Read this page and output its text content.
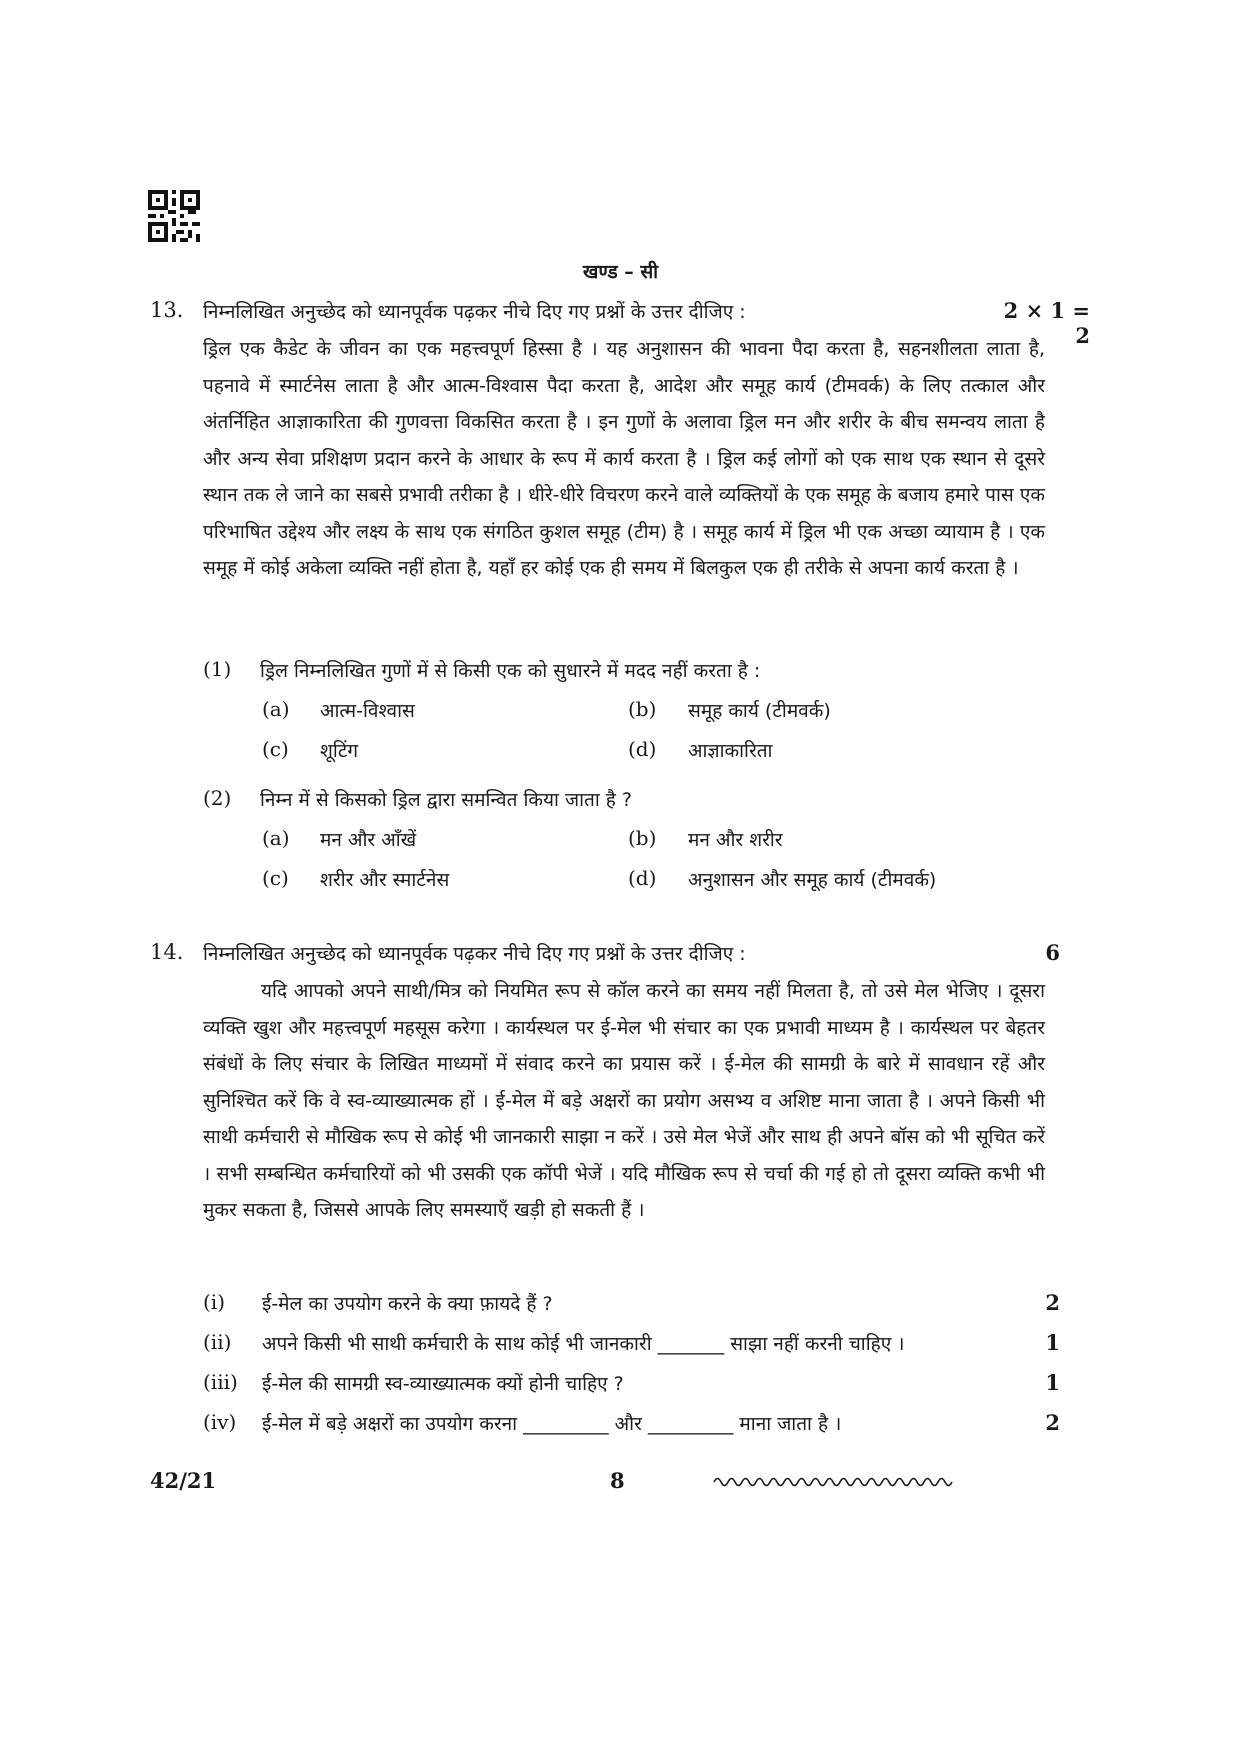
खण्ड – सी
13. निम्नलिखित अनुच्छेद को ध्यानपूर्वक पढ़कर नीचे दिए गए प्रश्नों के उत्तर दीजिए :	2 × 1 = 2
ड्रिल एक कैडेट के जीवन का एक महत्त्वपूर्ण हिस्सा है । यह अनुशासन की भावना पैदा करता है, सहनशीलता लाता है, पहनावे में स्मार्टनेस लाता है और आत्म-विश्वास पैदा करता है, आदेश और समूह कार्य (टीमवर्क) के लिए तत्काल और अंतर्निहित आज्ञाकारिता की गुणवत्ता विकसित करता है । इन गुणों के अलावा ड्रिल मन और शरीर के बीच समन्वय लाता है और अन्य सेवा प्रशिक्षण प्रदान करने के आधार के रूप में कार्य करता है । ड्रिल कई लोगों को एक साथ एक स्थान से दूसरे स्थान तक ले जाने का सबसे प्रभावी तरीका है । धीरे-धीरे विचरण करने वाले व्यक्तियों के एक समूह के बजाय हमारे पास एक परिभाषित उद्देश्य और लक्ष्य के साथ एक संगठित कुशल समूह (टीम) है । समूह कार्य में ड्रिल भी एक अच्छा व्यायाम है । एक समूह में कोई अकेला व्यक्ति नहीं होता है, यहाँ हर कोई एक ही समय में बिलकुल एक ही तरीके से अपना कार्य करता है ।
(1) ड्रिल निम्नलिखित गुणों में से किसी एक को सुधारने में मदद नहीं करता है :
(a) आत्म-विश्वास	(b) समूह कार्य (टीमवर्क)
(c) शूटिंग	(d) आज्ञाकारिता
(2) निम्न में से किसको ड्रिल द्वारा समन्वित किया जाता है ?
(a) मन और आँखें	(b) मन और शरीर
(c) शरीर और स्मार्टनेस	(d) अनुशासन और समूह कार्य (टीमवर्क)
14. निम्नलिखित अनुच्छेद को ध्यानपूर्वक पढ़कर नीचे दिए गए प्रश्नों के उत्तर दीजिए :	6
यदि आपको अपने साथी/मित्र को नियमित रूप से कॉल करने का समय नहीं मिलता है, तो उसे मेल भेजिए । दूसरा व्यक्ति खुश और महत्त्वपूर्ण महसूस करेगा । कार्यस्थल पर ई-मेल भी संचार का एक प्रभावी माध्यम है । कार्यस्थल पर बेहतर संबंधों के लिए संचार के लिखित माध्यमों में संवाद करने का प्रयास करें । ई-मेल की सामग्री के बारे में सावधान रहें और सुनिश्चित करें कि वे स्व-व्याख्यात्मक हों । ई-मेल में बड़े अक्षरों का प्रयोग असभ्य व अशिष्ट माना जाता है । अपने किसी भी साथी कर्मचारी से मौखिक रूप से कोई भी जानकारी साझा न करें । उसे मेल भेजें और साथ ही अपने बॉस को भी सूचित करें । सभी सम्बन्धित कर्मचारियों को भी उसकी एक कॉपी भेजें । यदि मौखिक रूप से चर्चा की गई हो तो दूसरा व्यक्ति कभी भी मुकर सकता है, जिससे आपके लिए समस्याएँ खड़ी हो सकती हैं ।
(i) ई-मेल का उपयोग करने के क्या फ़ायदे हैं ?	2
(ii) अपने किसी भी साथी कर्मचारी के साथ कोई भी जानकारी _______ साझा नहीं करनी चाहिए ।	1
(iii) ई-मेल की सामग्री स्व-व्याख्यात्मक क्यों होनी चाहिए ?	1
(iv) ई-मेल में बड़े अक्षरों का उपयोग करना _________ और _________ माना जाता है ।	2
42/21	8
